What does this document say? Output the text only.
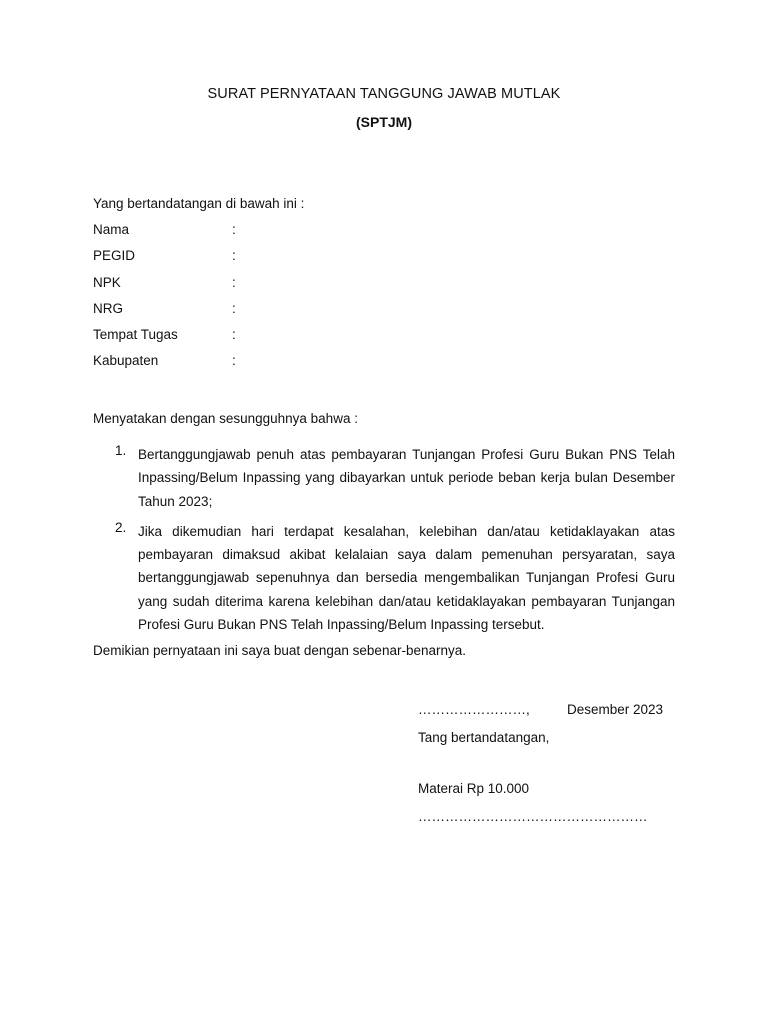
SURAT PERNYATAAN TANGGUNG JAWAB MUTLAK
(SPTJM)
Yang bertandatangan di bawah ini :
Nama	:
PEGID	:
NPK	:
NRG	:
Tempat Tugas	:
Kabupaten	:
Menyatakan dengan sesungguhnya bahwa :
1. Bertanggungjawab penuh atas pembayaran Tunjangan Profesi Guru Bukan PNS Telah Inpassing/Belum Inpassing yang dibayarkan untuk periode beban kerja bulan Desember Tahun 2023;
2. Jika dikemudian hari terdapat kesalahan, kelebihan dan/atau ketidaklayakan atas pembayaran dimaksud akibat kelalaian saya dalam pemenuhan persyaratan, saya bertanggungjawab sepenuhnya dan bersedia mengembalikan Tunjangan Profesi Guru yang sudah diterima karena kelebihan dan/atau ketidaklayakan pembayaran Tunjangan Profesi Guru Bukan PNS Telah Inpassing/Belum Inpassing tersebut.
Demikian pernyataan ini saya buat dengan sebenar-benarnya.
……………………,	Desember 2023
Tang bertandatangan,
Materai Rp 10.000
……………………………………………
